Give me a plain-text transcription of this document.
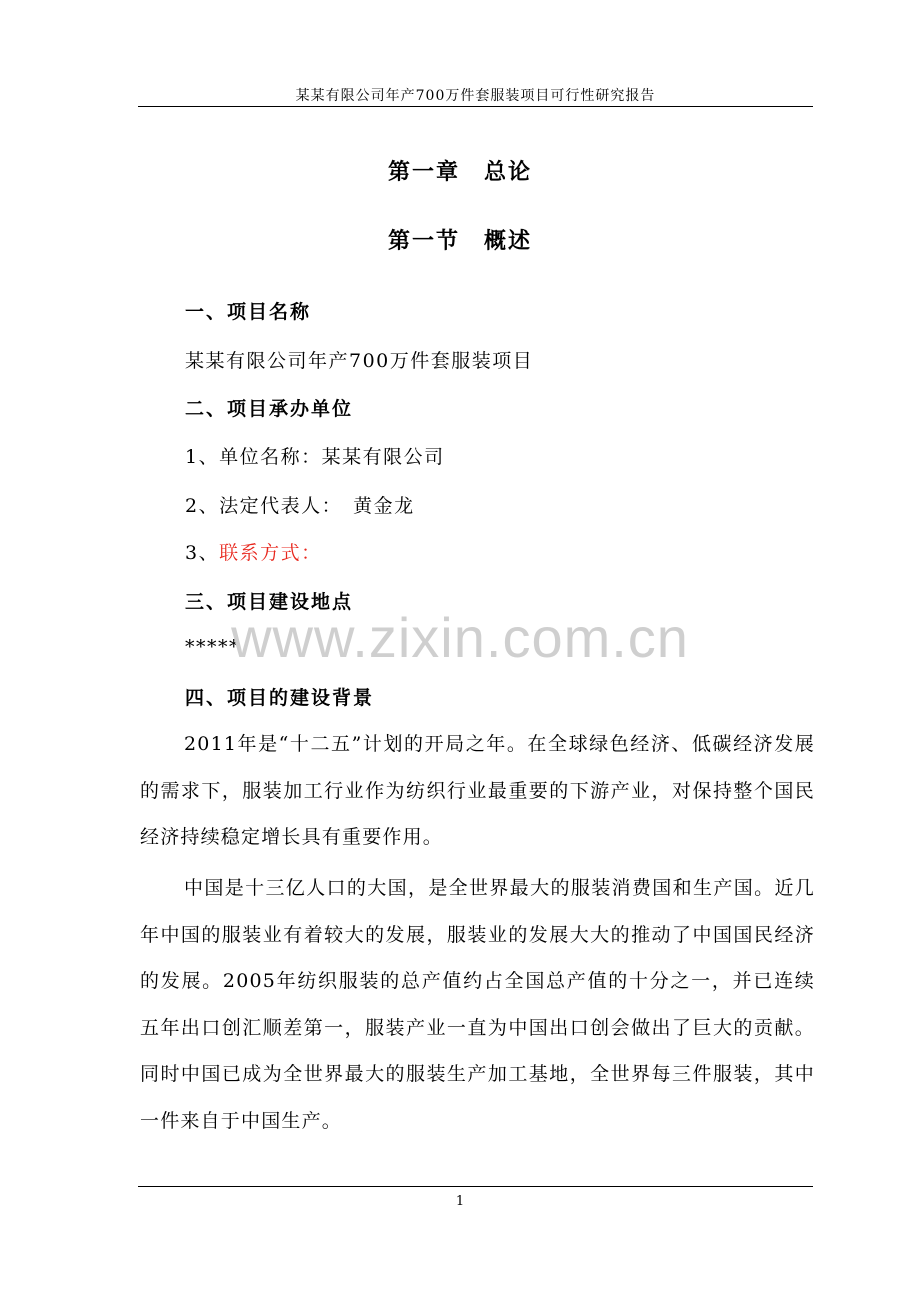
某某有限公司年产700万件套服装项目可行性研究报告
第一章　总论
第一节　概述
一、项目名称
某某有限公司年产700万件套服装项目
二、项目承办单位
1、单位名称：某某有限公司
2、法定代表人：　黄金龙
3、联系方式：
三、项目建设地点
*****
www.zixin.com.cn
四、项目的建设背景

2011年是“十二五”计划的开局之年。在全球绿色经济、低碳经济发展的需求下，服装加工行业作为纺织行业最重要的下游产业，对保持整个国民经济持续稳定增长具有重要作用。

中国是十三亿人口的大国，是全世界最大的服装消费国和生产国。近几年中国的服装业有着较大的发展，服装业的发展大大的推动了中国国民经济的发展。2005年纺织服装的总产值约占全国总产值的十分之一，并已连续五年出口创汇顺差第一，服装产业一直为中国出口创会做出了巨大的贡献。同时中国已成为全世界最大的服装生产加工基地，全世界每三件服装，其中一件来自于中国生产。

1
